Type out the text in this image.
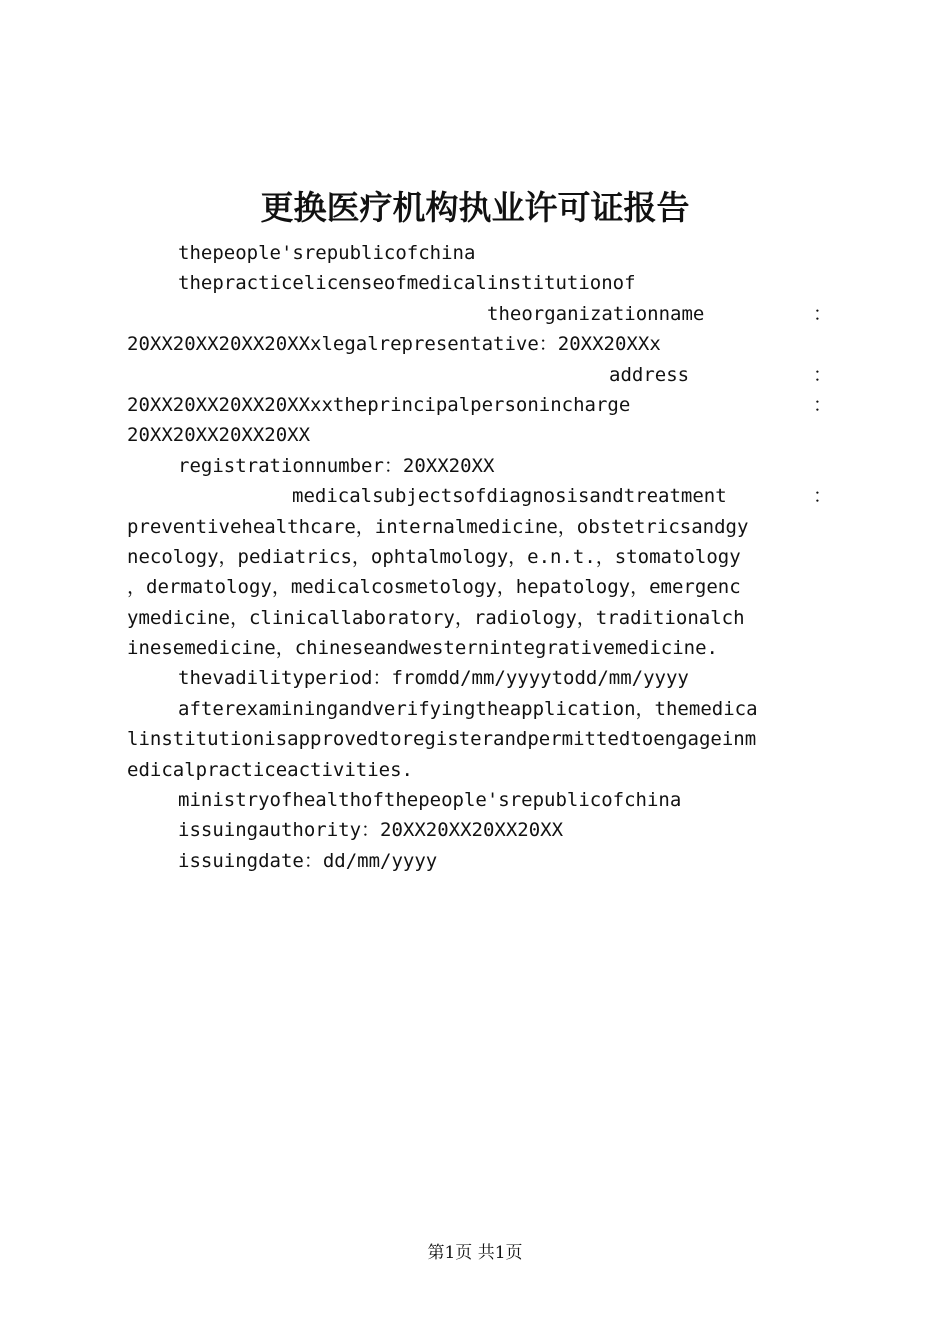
更换医疗机构执业许可证报告
thepeople'srepublicofchina
thepracticelicenseofmedicalinstitutionof
theorganizationname	：
20XX20XX20XX20XXxlegalrepresentative：20XX20XXx
address	：
20XX20XX20XX20XXxxtheprincipalpersonincharge	：
20XX20XX20XX20XX
registrationnumber：20XX20XX
medicalsubjectsofdiagnosisandtreatment	：
preventivehealthcare，internalmedicine，obstetricsandgy
necology，pediatrics，ophtalmology，e.n.t.，stomatology
，dermatology，medicalcosmetology，hepatology，emergenc
ymedicine，clinicallaboratory，radiology，traditionalch
inesemedicine，chineseandwesternintegrativemedicine.
thevadilityperiod：fromdd/mm/yyyytodd/mm/yyyy
afterexaminingandverifyingtheapplication，themedica
linstitutionisapprovedtoregisterandpermittedtoengageinm
edicalpracticeactivities.
ministryofhealthofthepeople'srepublicofchina
issuingauthority：20XX20XX20XX20XX
issuingdate：dd/mm/yyyy
第1页 共1页
